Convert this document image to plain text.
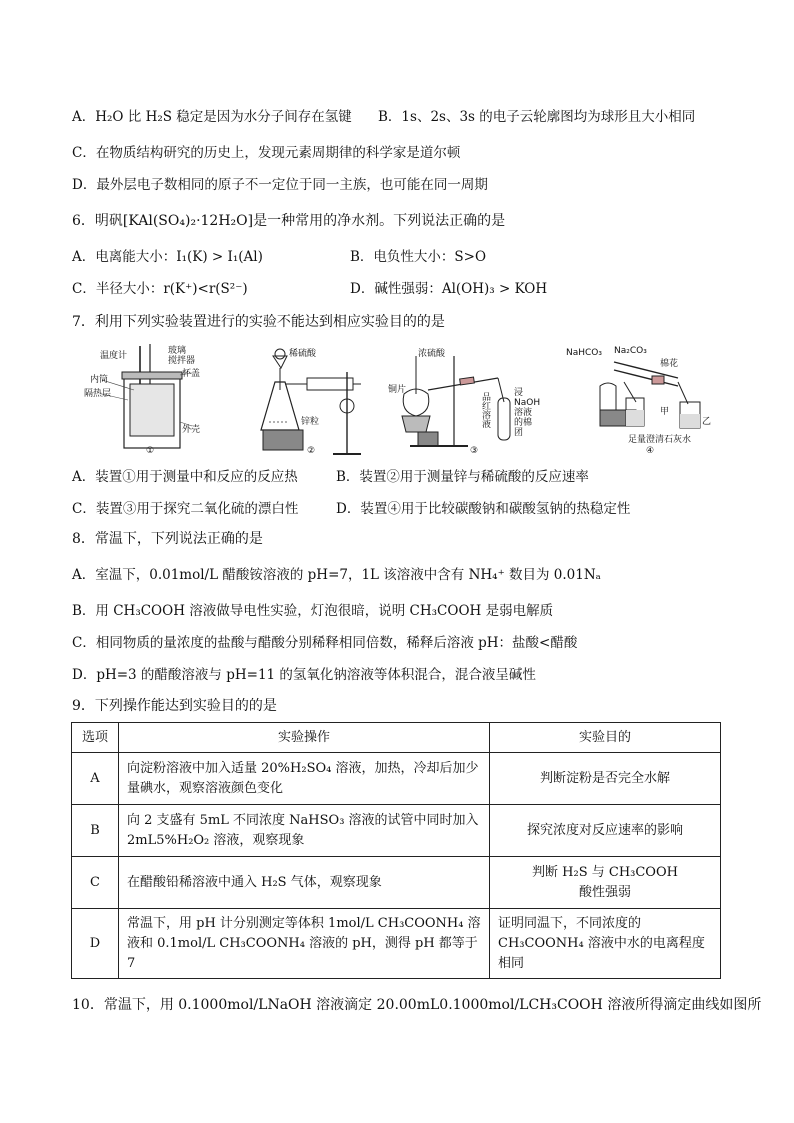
A．H₂O 比 H₂S 稳定是因为水分子间存在氢键 B．1s、2s、3s 的电子云轮廓图均为球形且大小相同
C．在物质结构研究的历史上，发现元素周期律的科学家是道尔顿
D．最外层电子数相同的原子不一定位于同一主族，也可能在同一周期
6．明矾[KAl(SO₄)₂·12H₂O]是一种常用的净水剂。下列说法正确的是
A．电离能大小：I₁(K) > I₁(Al)	B．电负性大小：S>O
C．半径大小：r(K⁺)<r(S²⁻)	D．碱性强弱：Al(OH)₃ > KOH
7．利用下列实验装置进行的实验不能达到相应实验目的的是
温度计	玻璃
搅拌器
内筒
隔热层
杯盖
外壳
①
稀硫酸
锌粒
②
浓硫酸
铜片
品红溶液
浸NaOH溶液的棉团
③
NaHCO₃ Na₂CO₃
棉花
甲
乙
足量澄清石灰水
④
A．装置①用于测量中和反应的反应热	B．装置②用于测量锌与稀硫酸的反应速率
C．装置③用于探究二氧化硫的漂白性	D．装置④用于比较碳酸钠和碳酸氢钠的热稳定性
8．常温下，下列说法正确的是
A．室温下，0.01mol/L 醋酸铵溶液的 pH=7，1L 该溶液中含有 NH₄⁺ 数目为 0.01Nₐ
B．用 CH₃COOH 溶液做导电性实验，灯泡很暗，说明 CH₃COOH 是弱电解质
C．相同物质的量浓度的盐酸与醋酸分别稀释相同倍数，稀释后溶液 pH：盐酸<醋酸
D．pH=3 的醋酸溶液与 pH=11 的氢氧化钠溶液等体积混合，混合液呈碱性
9．下列操作能达到实验目的的是
选项	实验操作	实验目的
A	向淀粉溶液中加入适量 20%H₂SO₄ 溶液，加热，冷却后加少量碘水，观察溶液颜色变化	判断淀粉是否完全水解
B	向 2 支盛有 5mL 不同浓度 NaHSO₃ 溶液的试管中同时加入 2mL5%H₂O₂ 溶液，观察现象	探究浓度对反应速率的影响
C	在醋酸铅稀溶液中通入 H₂S 气体，观察现象	判断 H₂S 与 CH₃COOH 酸性强弱
D	常温下，用 pH 计分别测定等体积 1mol/L CH₃COONH₄ 溶液和 0.1mol/L CH₃COONH₄ 溶液的 pH，测得 pH 都等于 7	证明同温下，不同浓度的 CH₃COONH₄ 溶液中水的电离程度相同
10．常温下，用 0.1000mol/LNaOH 溶液滴定 20.00mL0.1000mol/LCH₃COOH 溶液所得滴定曲线如图所
